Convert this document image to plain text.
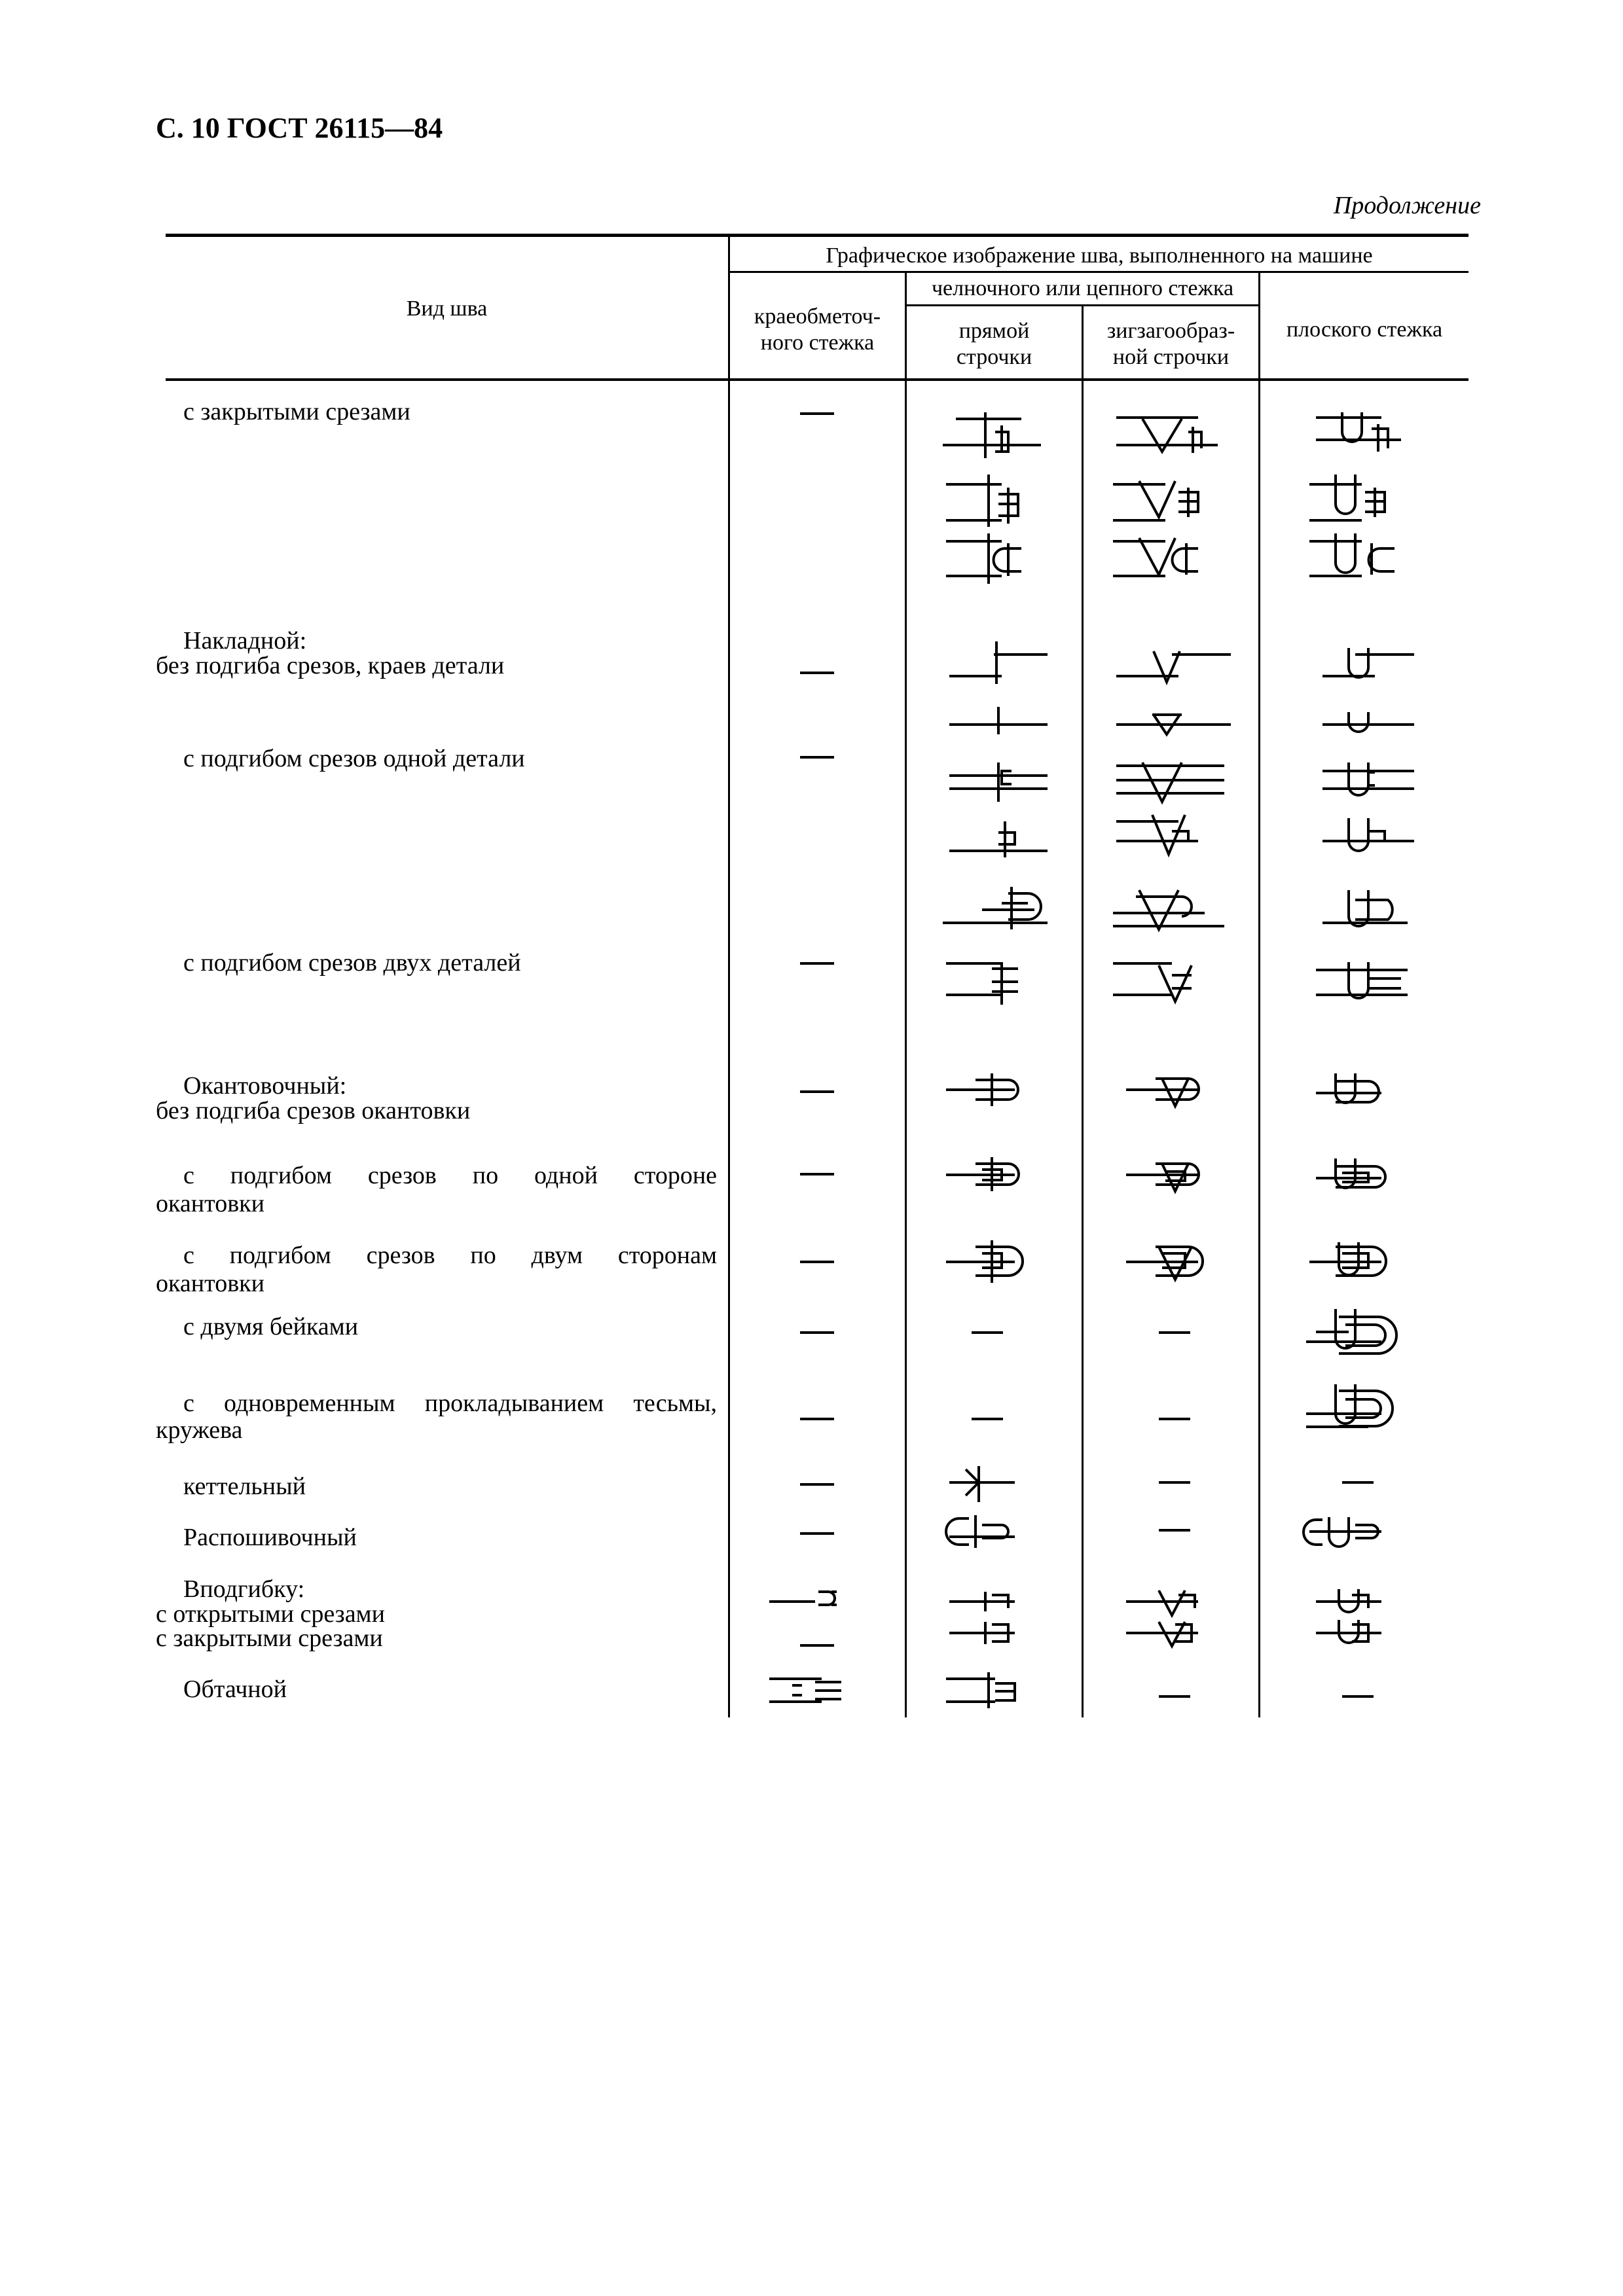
С. 10 ГОСТ 26115—84
Продолжение
Вид шва
Графическое изображение шва, выполненного на машине
краеобметоч-
ного стежка
челночного или цепного стежка
прямой
строчки
зигзагообраз-
ной строчки
плоского стежка
с закрытыми срезами
Накладной:
без подгиба срезов, краев детали
с подгибом срезов одной детали
с подгибом срезов двух деталей
Окантовочный:
без подгиба срезов окантовки
с подгибом срезов по одной стороне
окантовки
с подгибом срезов по двум сторонам
окантовки
с двумя бейками
с одновременным прокладыванием тесьмы,
кружева
кеттельный
Распошивочный
Вподгибку:
с открытыми срезами
с закрытыми срезами
Обтачной
